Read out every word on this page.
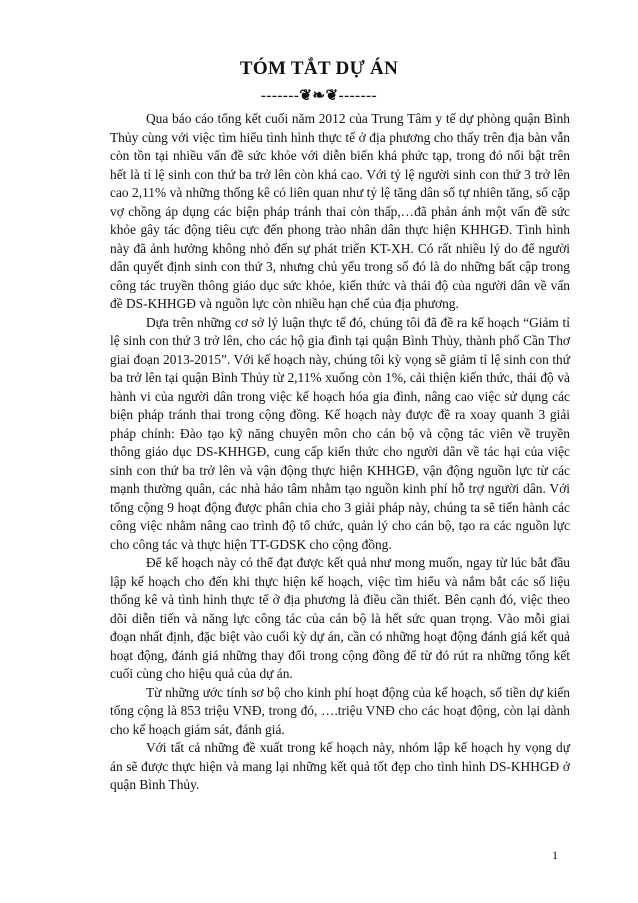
TÓM TẮT DỰ ÁN
-------❦❧❦-------

Qua báo cáo tổng kết cuối năm 2012 của Trung Tâm y tế dự phòng quận Bình Thủy cùng với việc tìm hiểu tình hình thực tế ở địa phương cho thấy trên địa bàn vẫn còn tồn tại nhiều vấn đề sức khỏe với diễn biến khá phức tạp, trong đó nổi bật trên hết là tỉ lệ sinh con thứ ba trở lên còn khá cao. Với tỷ lệ người sinh con thứ 3 trở lên cao 2,11% và những thống kê có liên quan như tỷ lệ tăng dân số tự nhiên tăng, số cặp vợ chồng áp dụng các biện pháp tránh thai còn thấp,…đã phản ánh một vấn đề sức khỏe gây tác động tiêu cực đến phong trào nhân dân thực hiện KHHGĐ. Tình hình này đã ảnh hưởng không nhỏ đến sự phát triển KT-XH. Có rất nhiều lý do để người dân quyết định sinh con thứ 3, nhưng chủ yếu trong số đó là do những bất cập trong công tác truyền thông giáo dục sức khỏe, kiến thức và thái độ của người dân về vấn đề DS-KHHGĐ và nguồn lực còn nhiều hạn chế của địa phương.

Dựa trên những cơ sở lý luận thực tế đó, chúng tôi đã đề ra kế hoạch “Giảm tỉ lệ sinh con thứ 3 trở lên, cho các hộ gia đình tại quận Bình Thủy, thành phố Cần Thơ giai đoạn 2013-2015”. Với kế hoạch này, chúng tôi kỳ vọng sẽ giảm tỉ lệ sinh con thứ ba trở lên tại quận Bình Thủy từ 2,11% xuống còn 1%, cải thiện kiến thức, thái độ và hành vi của người dân trong việc kế hoạch hóa gia đình, nâng cao việc sử dụng các biện pháp tránh thai trong cộng đồng. Kế hoạch này được đề ra xoay quanh 3 giải pháp chính: Đào tạo kỹ năng chuyên môn cho cán bộ và cộng tác viên về truyền thông giáo dục DS-KHHGĐ, cung cấp kiến thức cho người dân về tác hại của việc sinh con thứ ba trở lên và vận động thực hiện KHHGĐ, vận động nguồn lực từ các mạnh thường quân, các nhà hảo tâm nhằm tạo nguồn kinh phí hỗ trợ người dân. Với tổng cộng 9 hoạt động được phân chia cho 3 giải pháp này, chúng ta sẽ tiến hành các công việc nhằm nâng cao trình độ tổ chức, quản lý cho cán bộ, tạo ra các nguồn lực cho công tác và thực hiện TT-GDSK cho cộng đồng.

Để kế hoạch này có thể đạt được kết quả như mong muốn, ngay từ lúc bắt đầu lập kế hoạch cho đến khi thực hiện kế hoạch, việc tìm hiểu và nắm bắt các số liệu thống kê và tình hình thực tế ở địa phương là điều cần thiết. Bên cạnh đó, việc theo dõi diễn tiến và năng lực công tác của cán bộ là hết sức quan trọng. Vào mỗi giai đoạn nhất định, đặc biệt vào cuối kỳ dự án, cần có những hoạt động đánh giá kết quả hoạt động, đánh giá những thay đổi trong cộng đồng để từ đó rút ra những tổng kết cuối cùng cho hiệu quả của dự án.

Từ những ước tính sơ bộ cho kinh phí hoạt động của kế hoạch, số tiền dự kiến tổng cộng là 853 triệu VNĐ, trong đó, ….triệu VNĐ cho các hoạt động, còn lại dành cho kế hoạch giám sát, đánh giá.

Với tất cả những đề xuất trong kế hoạch này, nhóm lập kế hoạch hy vọng dự án sẽ được thực hiện và mang lại những kết quả tốt đẹp cho tình hình DS-KHHGĐ ở quận Bình Thủy.

1
